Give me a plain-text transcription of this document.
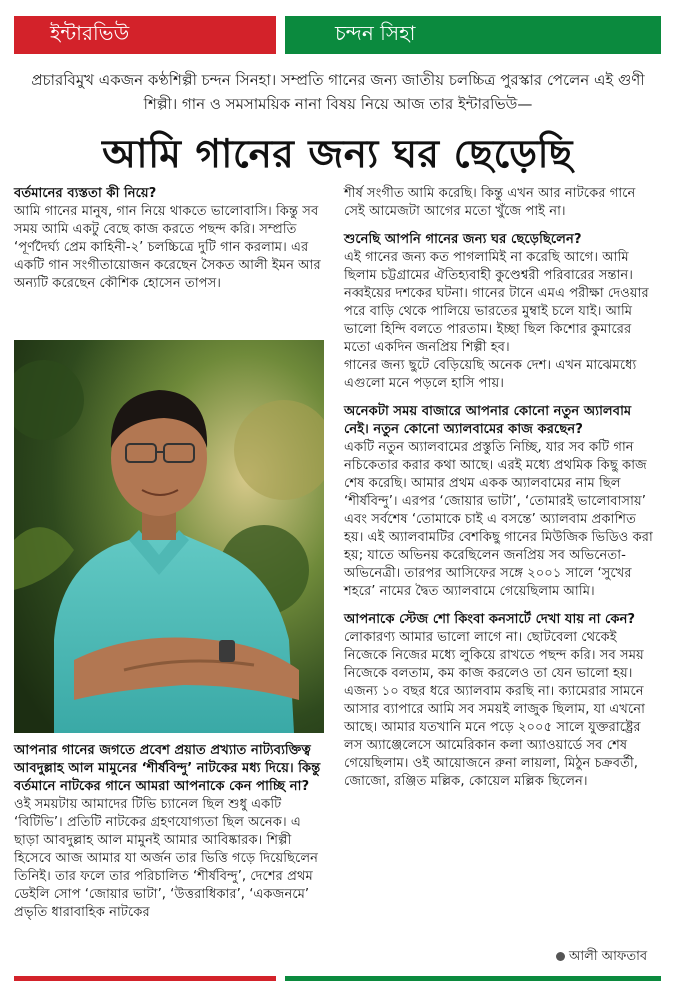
ইন্টারভিউ	চন্দন সিহা
প্রচারবিমুখ একজন কণ্ঠশিল্পী চন্দন সিনহা। সম্প্রতি গানের জন্য জাতীয় চলচ্চিত্র পুরস্কার পেলেন এই গুণী শিল্পী। গান ও সমসাময়িক নানা বিষয় নিয়ে আজ তার ইন্টারভিউ—
আমি গানের জন্য ঘর ছেড়েছি

বর্তমানের ব্যস্ততা কী নিয়ে?

আমি গানের মানুষ, গান নিয়ে থাকতে ভালোবাসি। কিন্তু সব সময় আমি একটু বেছে কাজ করতে পছন্দ করি। সম্প্রতি ‘পূর্ণদৈর্ঘ্য প্রেম কাহিনী-২’ চলচ্চিত্রে দুটি গান করলাম। এর একটি গান সংগীতায়োজন করেছেন সৈকত আলী ইমন আর অন্যটি করেছেন কৌশিক হোসেন তাপস।

আপনার গানের জগতে প্রবেশ প্রয়াত প্রখ্যাত নাট্যব্যক্তিত্ব আবদুল্লাহ আল মামুনের ‘শীর্ষবিন্দু’ নাটকের মধ্য দিয়ে। কিন্তু বর্তমানে নাটকের গানে আমরা আপনাকে কেন পাচ্ছি না?

ওই সময়টায় আমাদের টিভি চ্যানেল ছিল শুধু একটি ‘বিটিভি’। প্রতিটি নাটকের গ্রহণযোগ্যতা ছিল অনেক। এ ছাড়া আবদুল্লাহ আল মামুনই আমার আবিষ্কারক। শিল্পী হিসেবে আজ আমার যা অর্জন তার ভিত্তি গড়ে দিয়েছিলেন তিনিই। তার ফলে তার পরিচালিত ‘শীর্ষবিন্দু’, দেশের প্রথম ডেইলি সোপ ‘জোয়ার ভাটা’, ‘উত্তরাধিকার’, ‘একজনমে’ প্রভৃতি ধারাবাহিক নাটকের

শীর্ষ সংগীত আমি করেছি। কিন্তু এখন আর নাটকের গানে সেই আমেজটা আগের মতো খুঁজে পাই না।

শুনেছি আপনি গানের জন্য ঘর ছেড়েছিলেন?

এই গানের জন্য কত পাগলামিই না করেছি আগে। আমি ছিলাম চট্টগ্রামের ঐতিহ্যবাহী কুণ্ডেশ্বরী পরিবারের সন্তান। নব্বইয়ের দশকের ঘটনা। গানের টানে এমএ পরীক্ষা দেওয়ার পরে বাড়ি থেকে পালিয়ে ভারতের মুম্বাই চলে যাই। আমি ভালো হিন্দি বলতে পারতাম। ইচ্ছা ছিল কিশোর কুমারের মতো একদিন জনপ্রিয় শিল্পী হব।

গানের জন্য ছুটে বেড়িয়েছি অনেক দেশ। এখন মাঝেমধ্যে এগুলো মনে পড়লে হাসি পায়।

অনেকটা সময় বাজারে আপনার কোনো নতুন অ্যালবাম নেই। নতুন কোনো অ্যালবামের কাজ করছেন?

একটি নতুন অ্যালবামের প্রস্তুতি নিচ্ছি, যার সব কটি গান নচিকেতার করার কথা আছে। এরই মধ্যে প্রথমিক কিছু কাজ শেষ করেছি। আমার প্রথম একক অ্যালবামের নাম ছিল ‘শীর্ষবিন্দু’। এরপর ‘জোয়ার ভাটা’, ‘তোমারই ভালোবাসায়’ এবং সর্বশেষ ‘তোমাকে চাই এ বসন্তে’ অ্যালবাম প্রকাশিত হয়। এই অ্যালবামটির বেশকিছু গানের মিউজিক ভিডিও করা হয়; যাতে অভিনয় করেছিলেন জনপ্রিয় সব অভিনেতা-অভিনেত্রী। তারপর আসিফের সঙ্গে ২০০১ সালে ‘সুখের শহরে’ নামের দ্বৈত অ্যালবামে গেয়েছিলাম আমি।

আপনাকে স্টেজ শো কিংবা কনসার্টে দেখা যায় না কেন?

লোকারণ্য আমার ভালো লাগে না। ছোটবেলা থেকেই নিজেকে নিজের মধ্যে লুকিয়ে রাখতে পছন্দ করি। সব সময় নিজেকে বলতাম, কম কাজ করলেও তা যেন ভালো হয়। এজন্য ১০ বছর ধরে অ্যালবাম করছি না। ক্যামেরার সামনে আসার ব্যাপারে আমি সব সময়ই লাজুক ছিলাম, যা এখনো আছে। আমার যতখানি মনে পড়ে ২০০৫ সালে যুক্তরাষ্ট্রের লস অ্যাঞ্জেলেসে আমেরিকান কলা অ্যাওয়ার্ডে সব শেষ গেয়েছিলাম। ওই আয়োজনে রুনা লায়লা, মিঠুন চক্রবর্তী, জোজো, রঞ্জিত মল্লিক, কোয়েল মল্লিক ছিলেন।

আলী আফতাব
